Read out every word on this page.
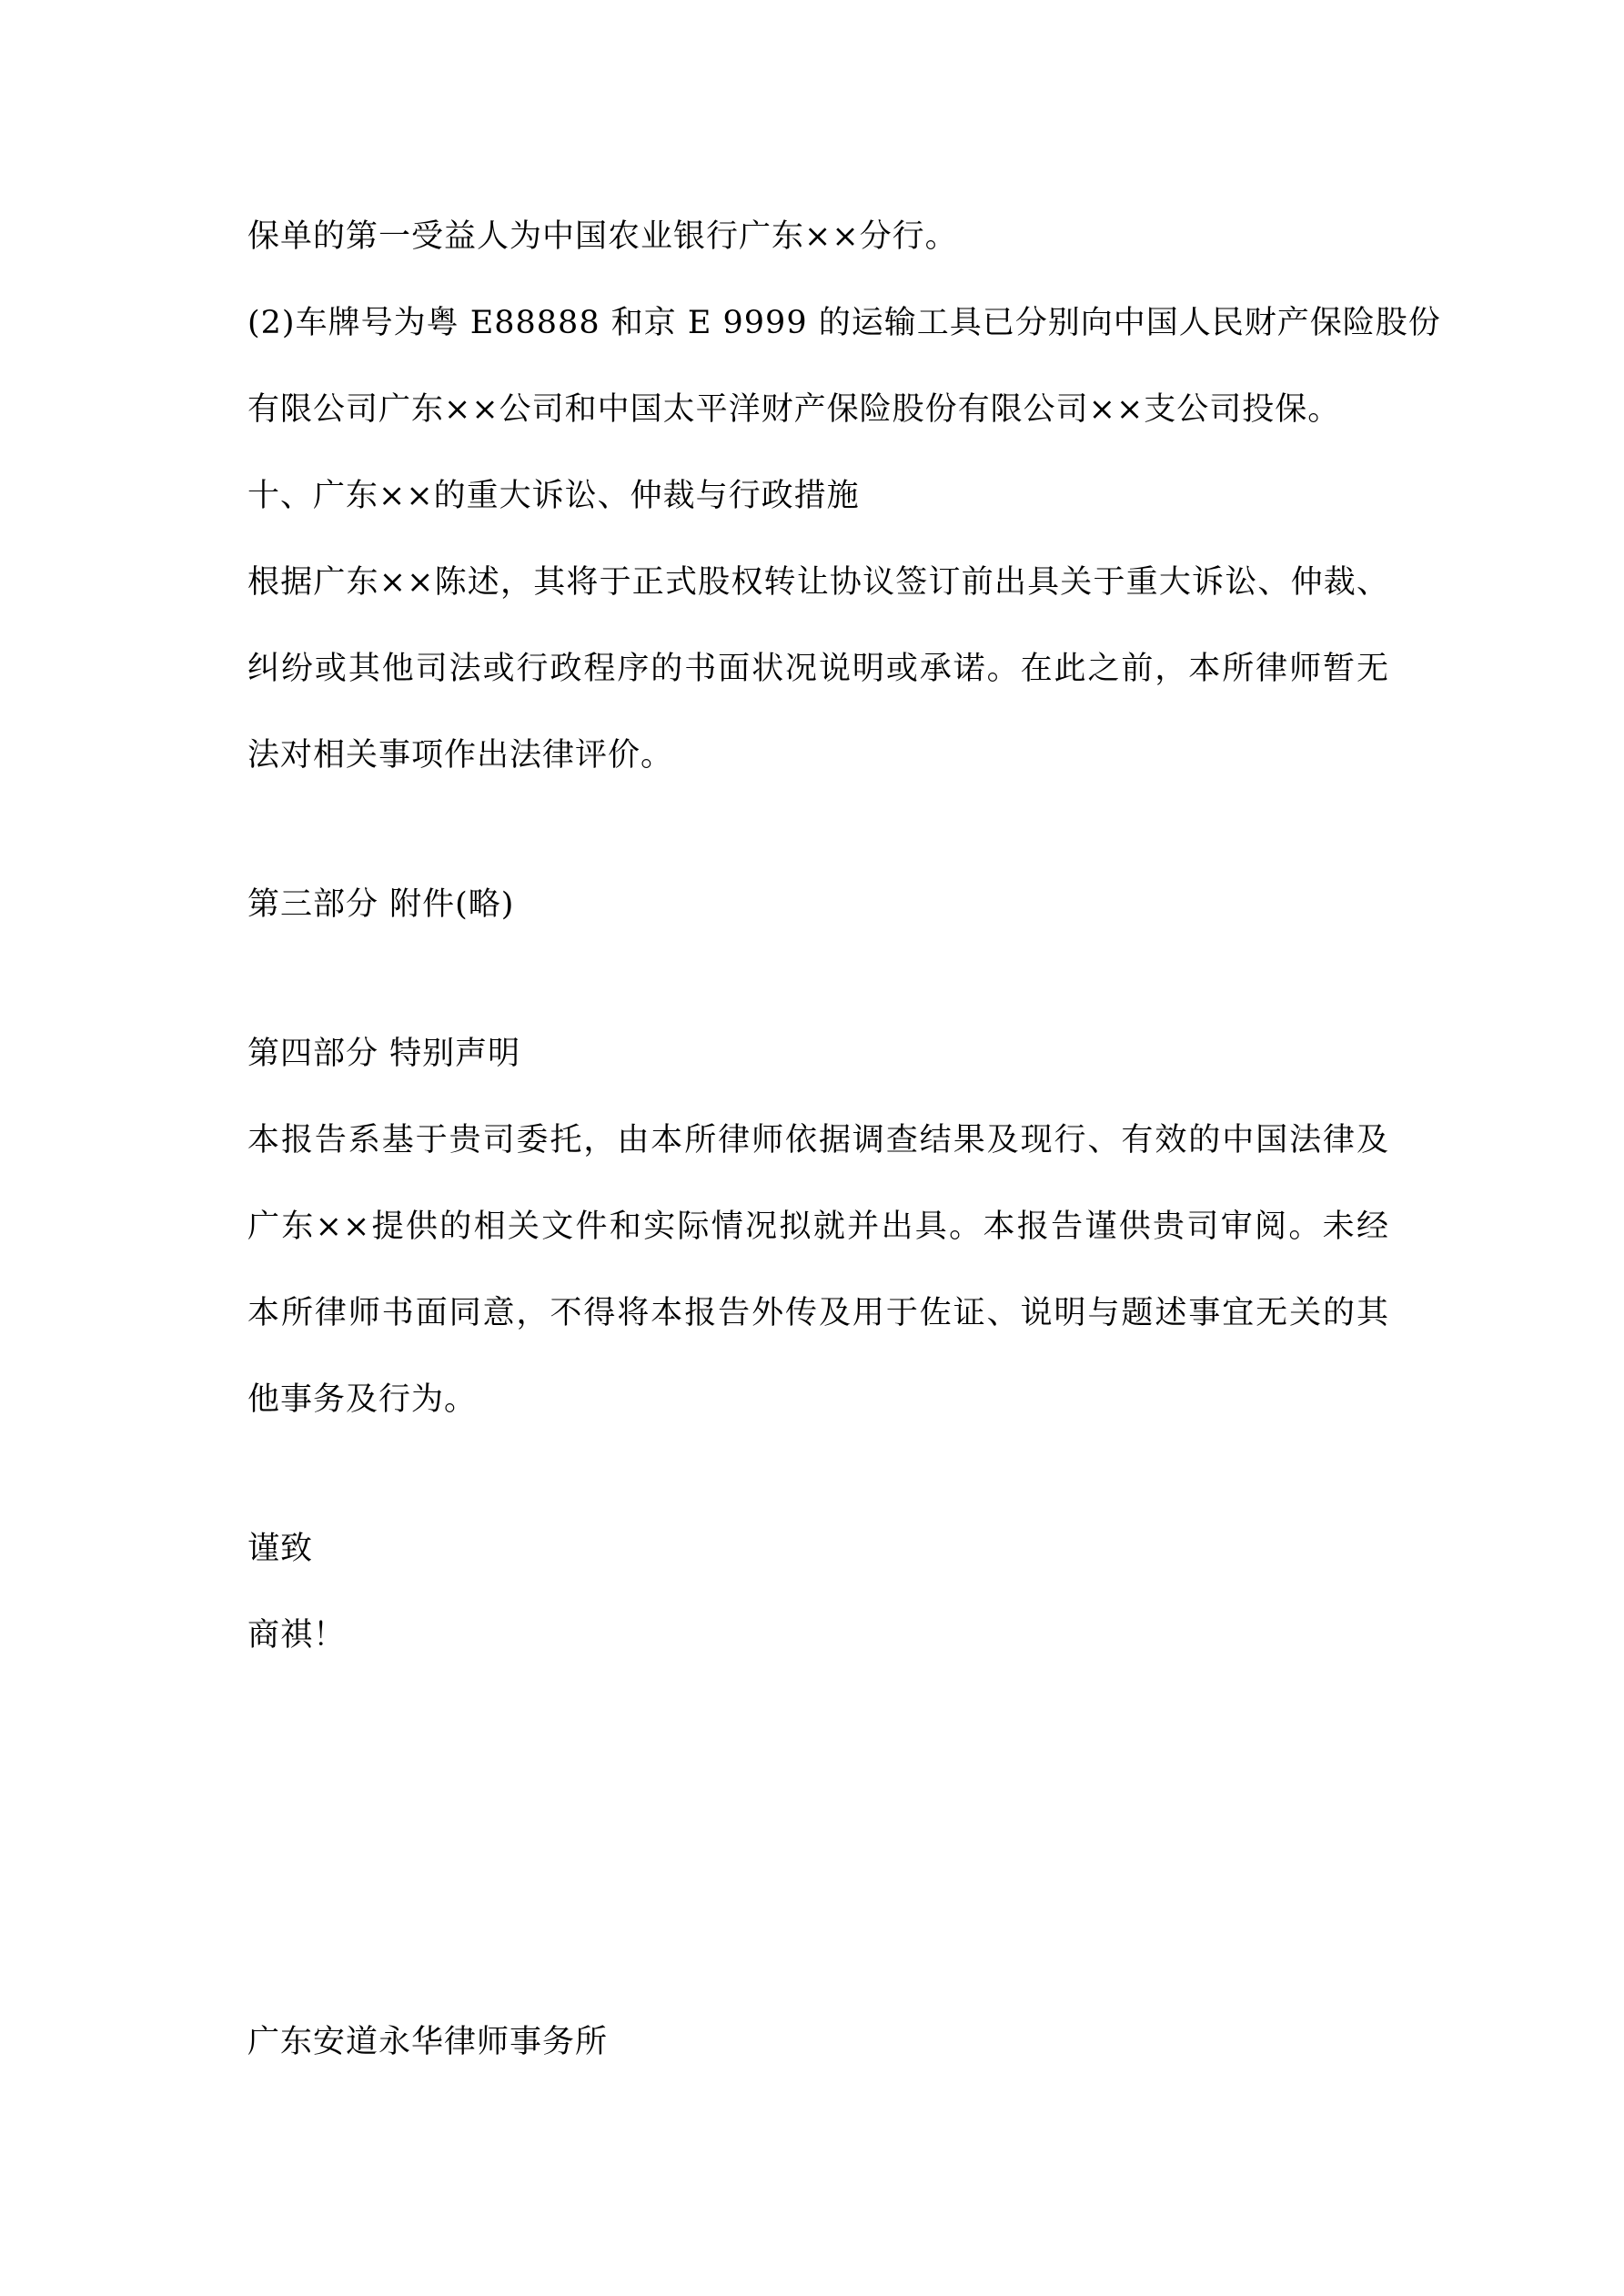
保单的第一受益人为中国农业银行广东××分行。
(2)车牌号为粤 E88888 和京 E 9999 的运输工具已分别向中国人民财产保险股份
有限公司广东××公司和中国太平洋财产保险股份有限公司××支公司投保。
十、广东××的重大诉讼、仲裁与行政措施
根据广东××陈述，其将于正式股权转让协议签订前出具关于重大诉讼、仲裁、
纠纷或其他司法或行政程序的书面状况说明或承诺。在此之前，本所律师暂无
法对相关事项作出法律评价。
第三部分 附件(略)
第四部分 特别声明
本报告系基于贵司委托，由本所律师依据调查结果及现行、有效的中国法律及
广东××提供的相关文件和实际情况拟就并出具。本报告谨供贵司审阅。未经
本所律师书面同意，不得将本报告外传及用于佐证、说明与题述事宜无关的其
他事务及行为。
谨致
商祺！
广东安道永华律师事务所
